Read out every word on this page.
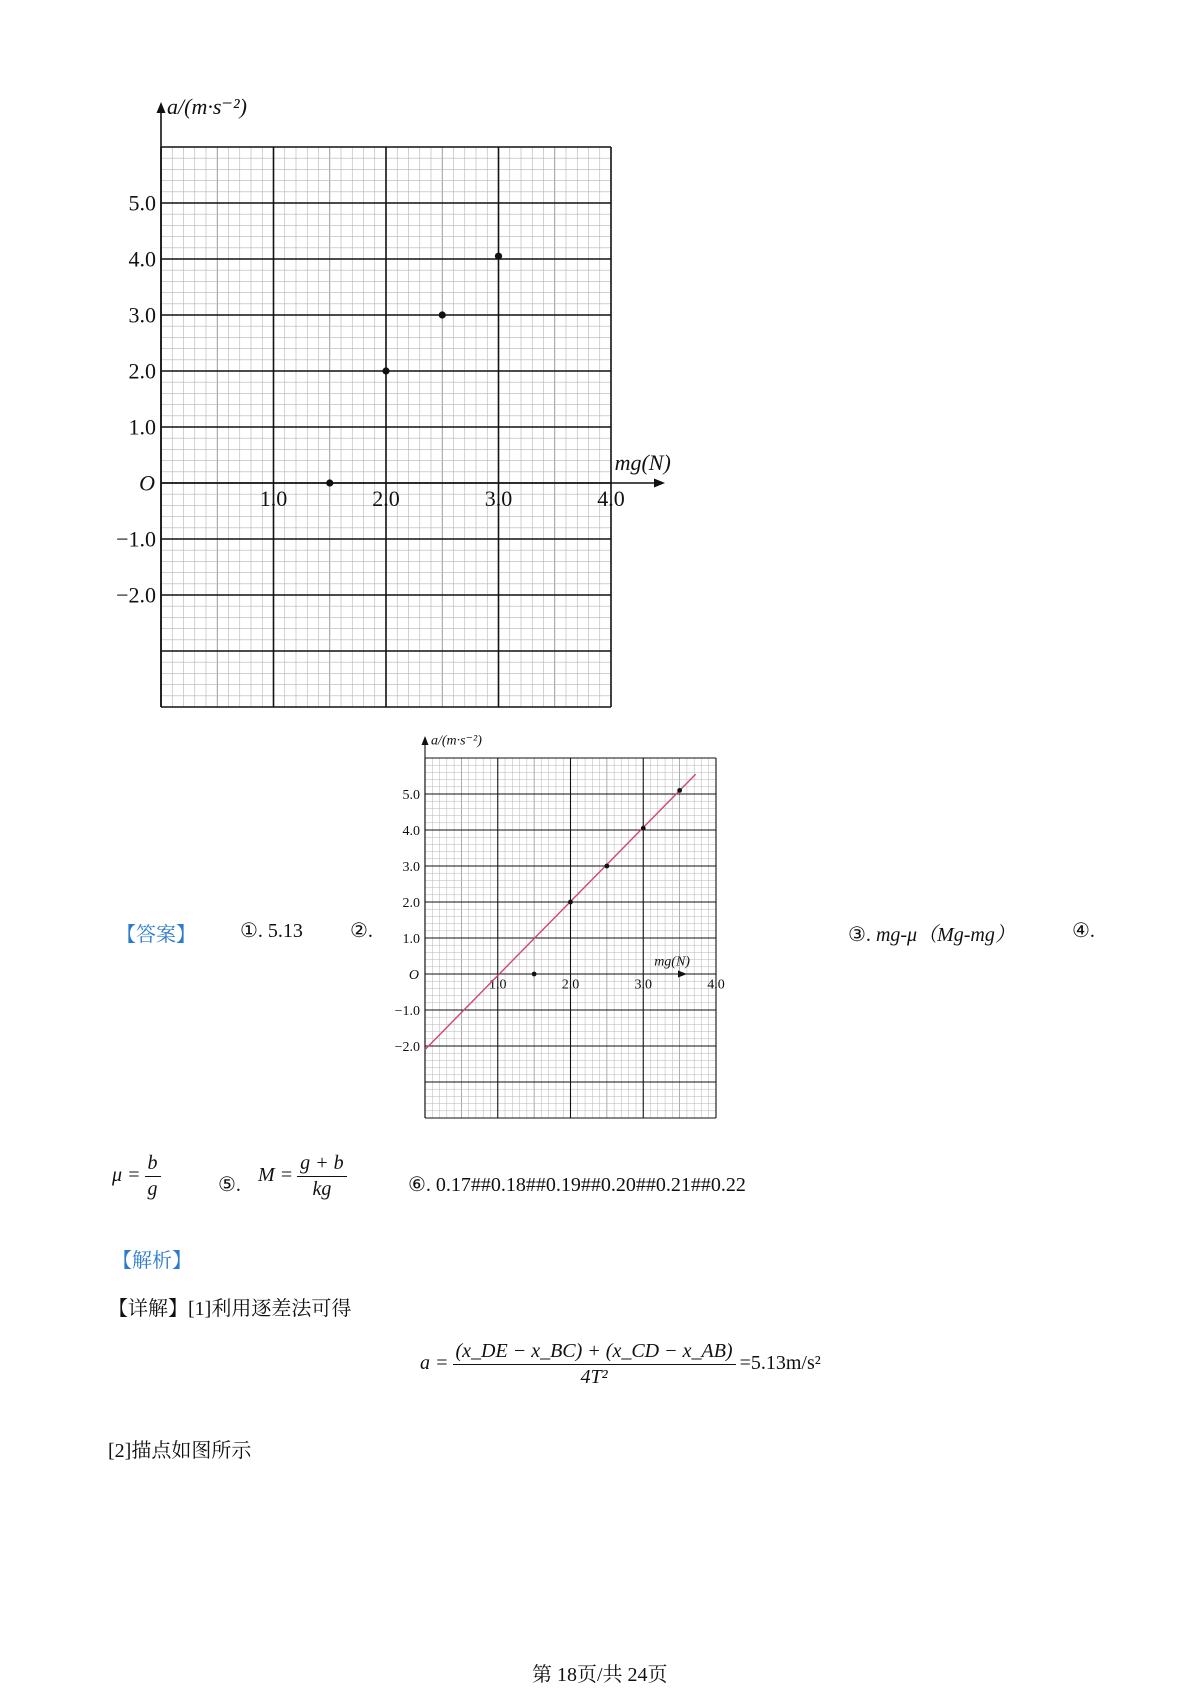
a/(m·s⁻²)
mg(N)
O
5.0
4.0
3.0
2.0
1.0
−1.0
−2.0
1.0	2.0	3.0	4.0
a/(m·s⁻²)
mg(N)
O
5.0
4.0
3.0
2.0
1.0
−1.0
−2.0
1.0	2.0	3.0	4.0
【答案】 ①. 5.13 ②.	③. mg-μ（Mg-mg）	④.
$\mu = \frac{b}{g}$	⑤. $M = \frac{g + b}{kg}$	⑥. 0.17##0.18##0.19##0.20##0.21##0.22
【解析】
【详解】[1]利用逐差法可得
$a = \frac{(x\_DE - x\_BC) + (x\_CD - x\_AB)}{\text{4T²}} =5.13m/s^2$
[2]描点如图所示
第 18页/共 24页
